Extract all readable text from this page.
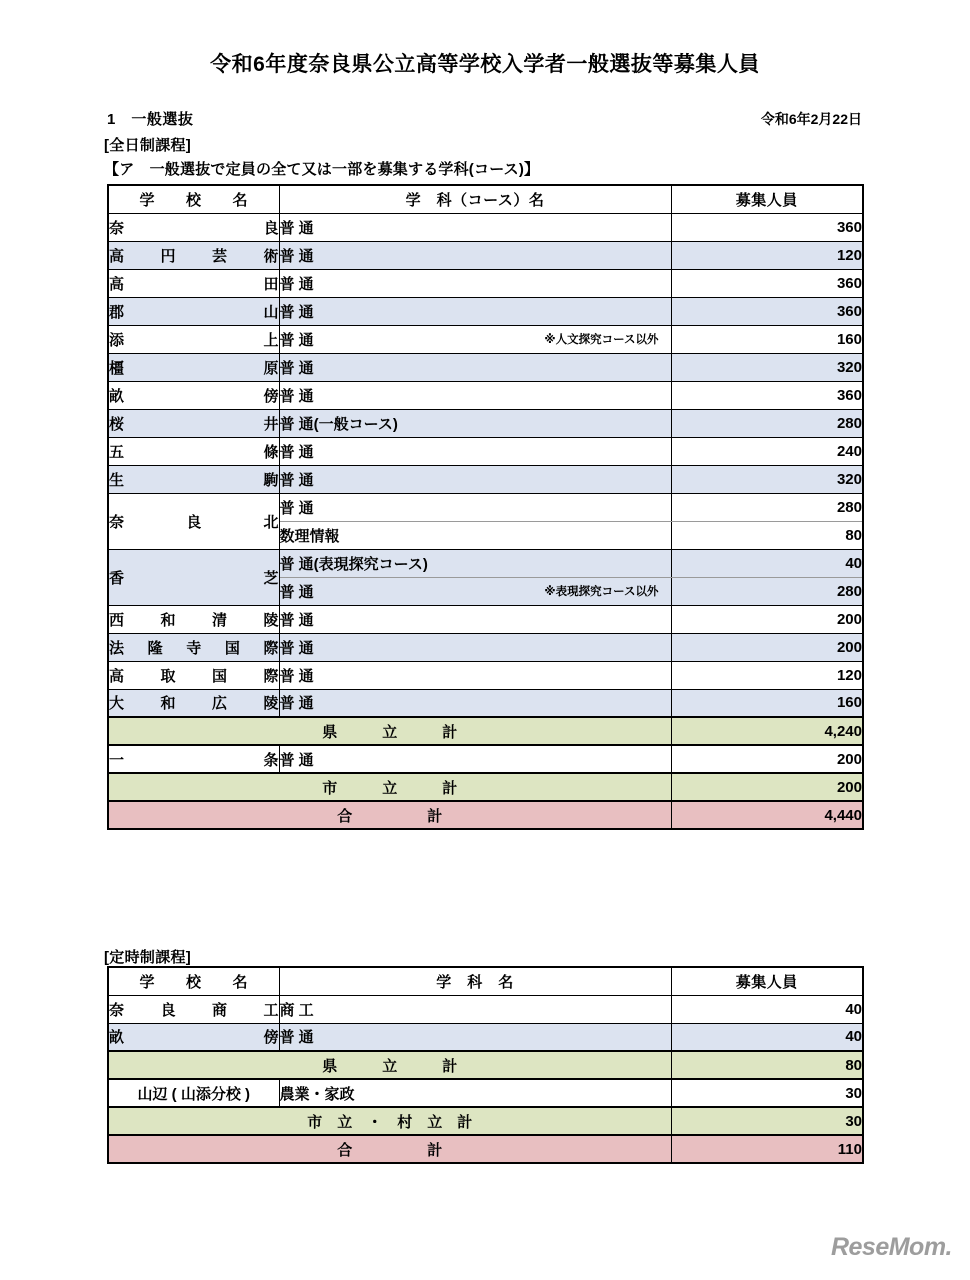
令和6年度奈良県公立高等学校入学者一般選抜等募集人員
1　一般選抜	令和6年2月22日
[全日制課程]
【ア　一般選抜で定員の全て又は一部を募集する学科(コース)】
学　　校　　名	学　科（コース）名	募集人員

奈 良	普 通	360

高 円 芸 術	普 通	120

高 田	普 通	360

郡 山	普 通	360

添 上	普 通 ※人文探究コース以外	160

橿 原	普 通	320

畝 傍	普 通	360

桜 井	普 通(一般コース)	280

五 條	普 通	240

生 駒	普 通	320

奈 良 北	普 通	280
	数理情報	80

香 芝	普 通(表現探究コース)	40
	普 通 ※表現探究コース以外	280

西 和 清 陵	普 通	200

法 隆 寺 国 際	普 通	200

高 取 国 際	普 通	120

大 和 広 陵	普 通	160
県　　　立　　　計		4,240

一 条	普 通	200
市　　　立　　　計		200
合　　　　　計		4,440
[定時制課程]
学　　校　　名	学　科　名	募集人員

奈 良 商 工	商 工	40

畝 傍	普 通	40
県　　　立　　　計		80
山辺 ( 山添分校 )	農業・家政	30
市　立　・　村　立　計		30
合　　　　　計		110
ReseMom.
